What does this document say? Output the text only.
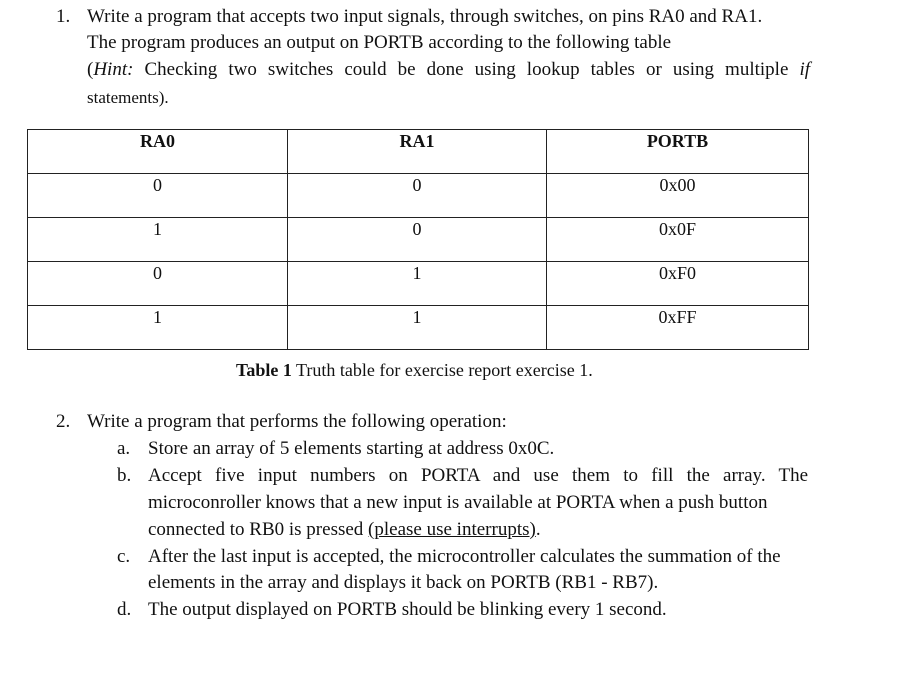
1. Write a program that accepts two input signals, through switches, on pins RA0 and RA1.
The program produces an output on PORTB according to the following table
(Hint: Checking two switches could be done using lookup tables or using multiple if
statements).
RA0	RA1	PORTB
0	0	0x00
1	0	0x0F
0	1	0xF0
1	1	0xFF
Table 1 Truth table for exercise report exercise 1.
2. Write a program that performs the following operation:
a. Store an array of 5 elements starting at address 0x0C.
b. Accept five input numbers on PORTA and use them to fill the array. The
microconroller knows that a new input is available at PORTA when a push button
connected to RB0 is pressed (please use interrupts).
c. After the last input is accepted, the microcontroller calculates the summation of the
elements in the array and displays it back on PORTB (RB1 - RB7).
d. The output displayed on PORTB should be blinking every 1 second.
